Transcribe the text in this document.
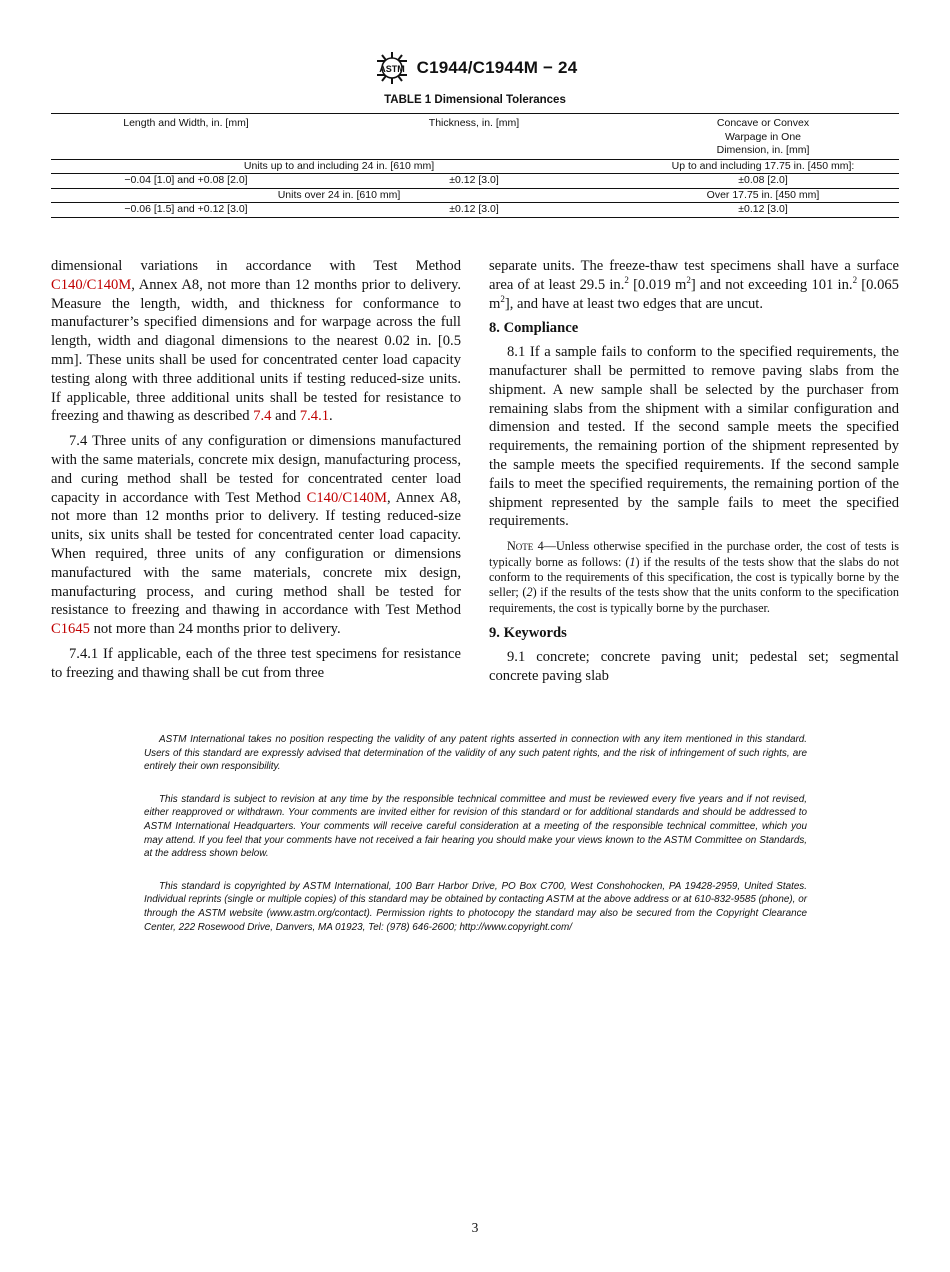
ASTM C1944/C1944M − 24
TABLE 1 Dimensional Tolerances
Length and Width, in. [mm]	Thickness, in. [mm]	Concave or Convex
Warpage in One
Dimension, in. [mm]

Units up to and including 24 in. [610 mm]		Up to and including 17.75 in. [450 mm]:
−0.04 [1.0] and +0.08 [2.0]	±0.12 [3.0]	±0.08 [2.0]
Units over 24 in. [610 mm]		Over 17.75 in. [450 mm]
−0.06 [1.5] and +0.12 [3.0]	±0.12 [3.0]	±0.12 [3.0]

dimensional variations in accordance with Test Method C140/C140M, Annex A8, not more than 12 months prior to delivery. Measure the length, width, and thickness for conformance to manufacturer’s specified dimensions and for warpage across the full length, width and diagonal dimensions to the nearest 0.02 in. [0.5 mm]. These units shall be used for concentrated center load capacity testing along with three additional units if testing reduced-size units. If applicable, three additional units shall be tested for resistance to freezing and thawing as described 7.4 and 7.4.1.

7.4 Three units of any configuration or dimensions manufactured with the same materials, concrete mix design, manufacturing process, and curing method shall be tested for concentrated center load capacity in accordance with Test Method C140/C140M, Annex A8, not more than 12 months prior to delivery. If testing reduced-size units, six units shall be tested for concentrated center load capacity. When required, three units of any configuration or dimensions manufactured with the same materials, concrete mix design, manufacturing process, and curing method shall be tested for resistance to freezing and thawing in accordance with Test Method C1645 not more than 24 months prior to delivery.

7.4.1 If applicable, each of the three test specimens for resistance to freezing and thawing shall be cut from three

separate units. The freeze-thaw test specimens shall have a surface area of at least 29.5 in.$^2$ [0.019 $m^2$] and not exceeding 101 in.$^2$ [0.065 $m^2$], and have at least two edges that are uncut.

8. Compliance

8.1 If a sample fails to conform to the specified requirements, the manufacturer shall be permitted to remove paving slabs from the shipment. A new sample shall be selected by the purchaser from remaining slabs from the shipment with a similar configuration and dimension and tested. If the second sample meets the specified requirements, the remaining portion of the shipment represented by the sample meets the specified requirements. If the second sample fails to meet the specified requirements, the remaining portion of the shipment represented by the sample fails to meet the specified requirements.

Note 4—Unless otherwise specified in the purchase order, the cost of tests is typically borne as follows: (1) if the results of the tests show that the slabs do not conform to the requirements of this specification, the cost is typically borne by the seller; (2) if the results of the tests show that the units conform to the specification requirements, the cost is typically borne by the purchaser.

9. Keywords

9.1 concrete; concrete paving unit; pedestal set; segmental concrete paving slab

ASTM International takes no position respecting the validity of any patent rights asserted in connection with any item mentioned in this standard. Users of this standard are expressly advised that determination of the validity of any such patent rights, and the risk of infringement of such rights, are entirely their own responsibility.

This standard is subject to revision at any time by the responsible technical committee and must be reviewed every five years and if not revised, either reapproved or withdrawn. Your comments are invited either for revision of this standard or for additional standards and should be addressed to ASTM International Headquarters. Your comments will receive careful consideration at a meeting of the responsible technical committee, which you may attend. If you feel that your comments have not received a fair hearing you should make your views known to the ASTM Committee on Standards, at the address shown below.

This standard is copyrighted by ASTM International, 100 Barr Harbor Drive, PO Box C700, West Conshohocken, PA 19428-2959, United States. Individual reprints (single or multiple copies) of this standard may be obtained by contacting ASTM at the above address or at 610-832-9585 (phone), or through the ASTM website (www.astm.org/contact). Permission rights to photocopy the standard may also be secured from the Copyright Clearance Center, 222 Rosewood Drive, Danvers, MA 01923, Tel: (978) 646-2600; http://www.copyright.com/

3
